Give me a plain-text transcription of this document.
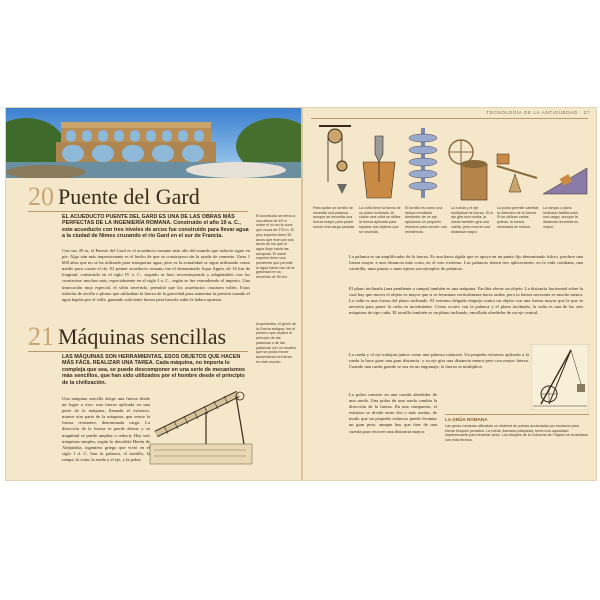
20 Puente del Gard
EL ACUEDUCTO PUENTE DEL GARD ES UNA DE LAS OBRAS MÁS PERFECTAS DE LA INGENIERÍA ROMANA. Construido el año 19 a. C., este acueducto con tres niveles de arcos fue construido para llevar agua a la ciudad de Nimes cruzando el río Gard en el sur de Francia.
Con sus 49 m, el Puente del Gard es el acueducto romano más alto del mundo que todavía sigue en pie. Algo aún más impresionante es el hecho de que se construyera sin la ayuda de cemento. Unas 1 600 años que no se ha utilizado para transportar agua, pero es la actualidad se sigue utilizando como medio para cruzar el río. El primer acueducto romano fue el denominado Aqua Appia, de 16 km de longitud, construido en el siglo IV a. C., seguido se hizo reconstruyendo y adaptándolo con los construirse muchos más, especialmente en el siglo I a. C., según se fue extendiendo el imperio. Una innovación muy especial, el sifón invertido, permitió que los acueductos cruzasen valles. Estos tuberías de arcilla o plomo que utilizaban la fuerza de la gravedad para aumentar la presión cuando el agua bajaba por el valle, ganando suficiente fuerza para hacerla subir la ladera opuesta.
El acueducto se eleva a una altura de 49 m sobre el río en la zona que cruza de 275 m. El piso superior tiene 35 arcos que eran por sus arcos de los que el agua fluye hacia las acequias. El canal superior tiene una pendiente que permite al agua hacer uso de la gravedad en su recorrido de 50 km.
21 Máquinas sencillas
LAS MÁQUINAS SON HERRAMIENTAS, ESOS OBJETOS QUE HACEN MÁS FÁCIL REALIZAR UNA TAREA. Cada máquina, no importa lo compleja que sea, se puede descomponer en una serie de mecanismos más sencillos, que han sido utilizados por el hombre desde el principio de la civilización.
Una máquina sencilla dirige una fuerza desde un lugar a otro: una fuerza aplicada en una parte de la máquina, llamada el esfuerzo, mueve otra parte de la máquina, que vence la fuerza resistente, denominada carga. La dirección de la fuerza se puede alterar y su magnitud se puede ampliar o reducir. Hay seis máquinas simples, según lo describió Herón de Alejandría, ingeniero griego que vivió en el siglo I d. C. Son la palanca, el tornillo, la rampa, la cuña, la rueda y el eje, y la polea.
Arquímedes, el genio de la Grecia antigua, fue el primero que explicó el principio de las palancas o de las palancas con un modelo que se podía mover aumentando la fuerza en este mundo.
TECNOLOGÍA DE LA ANTIGÜEDAD · 27
Para quitar un tornillo se necesita una palanca, aunque se necesita una fuerza mayor para poder mover una carga pesada.
La cuña tiene la forma de un plano inclinado. Al clavar una cuña se utiliza la fuerza aplicada para separar dos objetos que se necesita.
El tornillo es como una rampa enrollada alrededor de un eje, aplicando un pequeño esfuerzo para vencer una resistencia.
La rueda y el eje multiplican la fuerza. Si el eje gira una vuelta, la rueda también gira una vuelta, pero recorre una distancia mayor.
La polea permite cambiar la dirección de la fuerza. Si se utilizan varias poleas, la fuerza necesaria se reduce.
La rampa o plano inclinado facilita subir una carga, aunque la distancia recorrida es mayor.
La palanca es un amplificador de la fuerza. Es una barra rígida que se apoya en un punto fijo denominado fulcro, produce una fuerza mayor a una distancia más corta, en el otro extremo. Las palancas tienen tres aplicaciones: en la vida cotidiana, una carretilla, unas pinzas o unas tijeras son ejemplos de palancas.
El plano inclinado (una pendiente o rampa) también es una máquina. Facilita elevar un objeto. La distancia horizontal sobre la cual hay que mover el objeto es mayor que si se levantara verticalmente hacia arriba, pero la fuerza necesaria es mucho menor. La cuña es una forma del plano inclinado. El extremo delgado empuja contra un objeto con una fuerza mayor que la que se necesita para poner la cuña en movimiento. Como ocurre con la palanca y el plano inclinado, la cuña es una de las seis máquinas de tipo cuña. El tornillo también es un plano inclinado, enrollado alrededor de un eje central.
La rueda y el eje trabajan juntos como una palanca rotatoria. Un pequeño esfuerzo aplicado a la rueda la hace girar una gran distancia, y su eje gira una distancia menor pero con mayor fuerza. Cuando una rueda grande se usa en un engranaje, la fuerza se multiplica.
La polea consiste en una cuerda alrededor de una rueda. Una polea de una rueda cambia la dirección de la fuerza. En una compuesta, el esfuerzo se divide entre dos o más ruedas, de modo que un pequeño esfuerzo puede levantar un gran peso, aunque hay que tirar de una cuerda para recorrer una distancia mayor.
LA GRÚA ROMANA
Las grúas romanas utilizaban un sistema de poleas accionadas por esclavos para elevar bloques pesados. La rueda, llamada polispasto, tenía una capacidad impresionante para levantar peso. Los bloques de la Columna de Trajano se levantaron con esta técnica.
